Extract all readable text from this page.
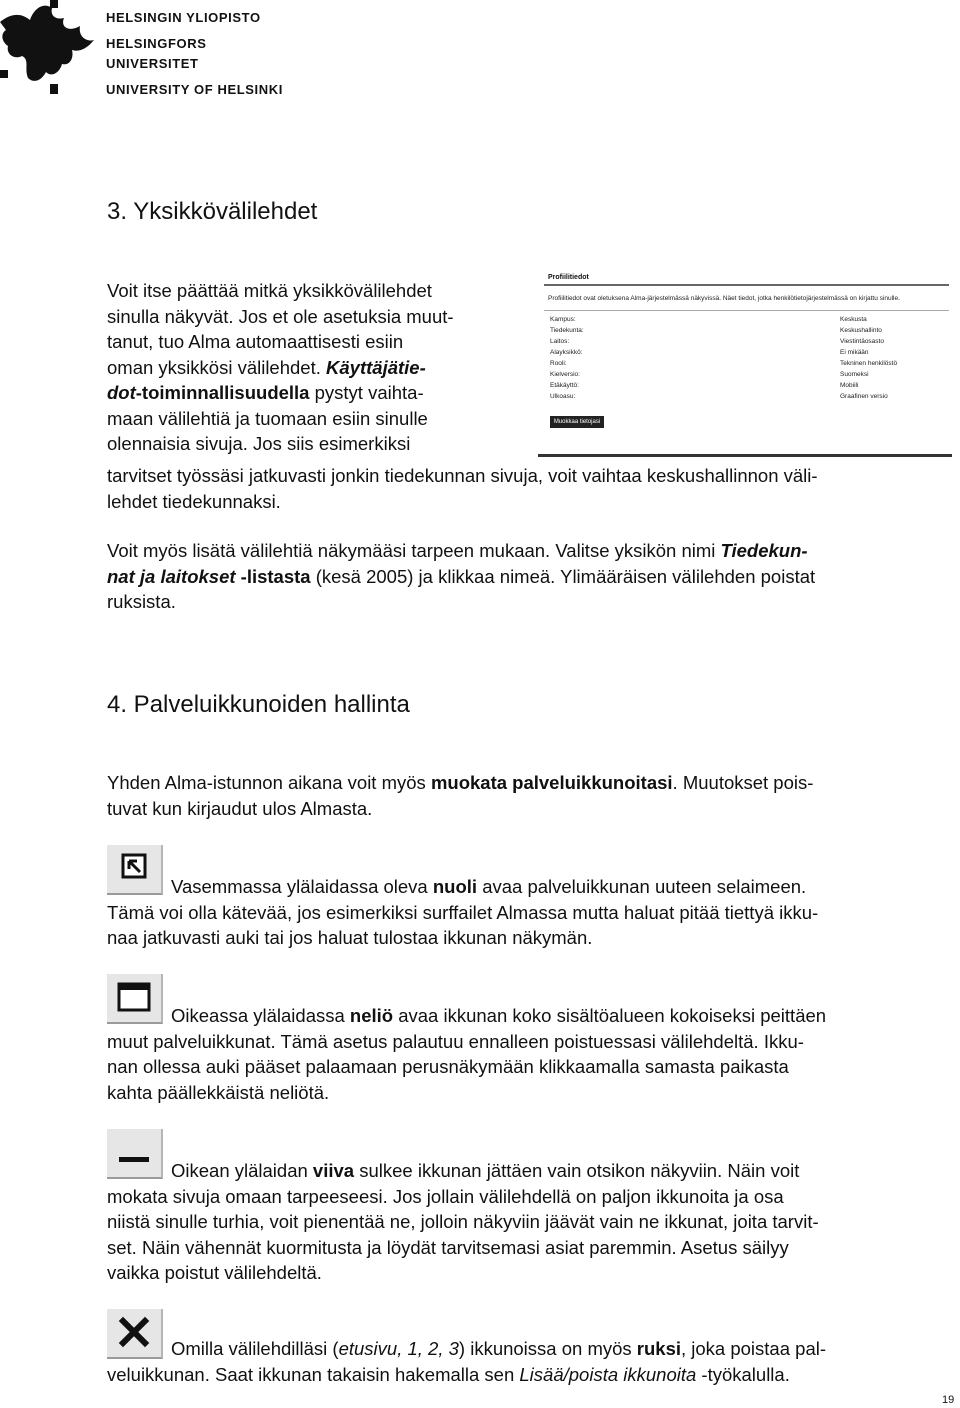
HELSINGIN YLIOPISTO
HELSINGFORS UNIVERSITET
UNIVERSITY OF HELSINKI
3. Yksikkövälilehdet

Voit itse päättää mitkä yksikkövälilehdet

sinulla näkyvät. Jos et ole asetuksia muut-

tanut, tuo Alma automaattisesti esiin

oman yksikkösi välilehdet. Käyttäjätie-

dot-toiminnallisuudella pystyt vaihta-

maan välilehtiä ja tuomaan esiin sinulle

olennaisia sivuja. Jos siis esimerkiksi

Profiilitiedot
Profiilitiedot ovat oletuksena Alma-järjestelmässä näkyvissä. Näet tiedot, jotka henkilötietojärjestelmässä on kirjattu sinulle.
Kampus:
Tiedekunta:
Laitos:
Alayksikkö:
Rooli:
Kielversio:
Etäkäyttö:
Ulkoasu:
Keskusta
Keskushallinto
Viestintäosasto
Ei mikään
Tekninen henkilöstö
Suomeksi
Mobiili
Graafinen versio
Muokkaa tietojasi

tarvitset työssäsi jatkuvasti jonkin tiedekunnan sivuja, voit vaihtaa keskushallinnon väli-

lehdet tiedekunnaksi.

Voit myös lisätä välilehtiä näkymääsi tarpeen mukaan. Valitse yksikön nimi Tiedekun-

nat ja laitokset -listasta (kesä 2005) ja klikkaa nimeä. Ylimääräisen välilehden poistat

ruksista.

4. Palveluikkunoiden hallinta

Yhden Alma-istunnon aikana voit myös muokata palveluikkunoitasi. Muutokset pois-

tuvat kun kirjaudut ulos Almasta.

Vasemmassa ylälaidassa oleva nuoli avaa palveluikkunan uuteen selaimeen.

Tämä voi olla kätevää, jos esimerkiksi surffailet Almassa mutta haluat pitää tiettyä ikku-

naa jatkuvasti auki tai jos haluat tulostaa ikkunan näkymän.

Oikeassa ylälaidassa neliö avaa ikkunan koko sisältöalueen kokoiseksi peittäen

muut palveluikkunat. Tämä asetus palautuu ennalleen poistuessasi välilehdeltä. Ikku-

nan ollessa auki pääset palaamaan perusnäkymään klikkaamalla samasta paikasta

kahta päällekkäistä neliötä.

Oikean ylälaidan viiva sulkee ikkunan jättäen vain otsikon näkyviin. Näin voit

mokata sivuja omaan tarpeeseesi. Jos jollain välilehdellä on paljon ikkunoita ja osa

niistä sinulle turhia, voit pienentää ne, jolloin näkyviin jäävät vain ne ikkunat, joita tarvit-

set. Näin vähennät kuormitusta ja löydät tarvitsemasi asiat paremmin. Asetus säilyy

vaikka poistut välilehdeltä.

Omilla välilehdilläsi (etusivu, 1, 2, 3) ikkunoissa on myös ruksi, joka poistaa pal-

veluikkunan. Saat ikkunan takaisin hakemalla sen Lisää/poista ikkunoita -työkalulla.

19
